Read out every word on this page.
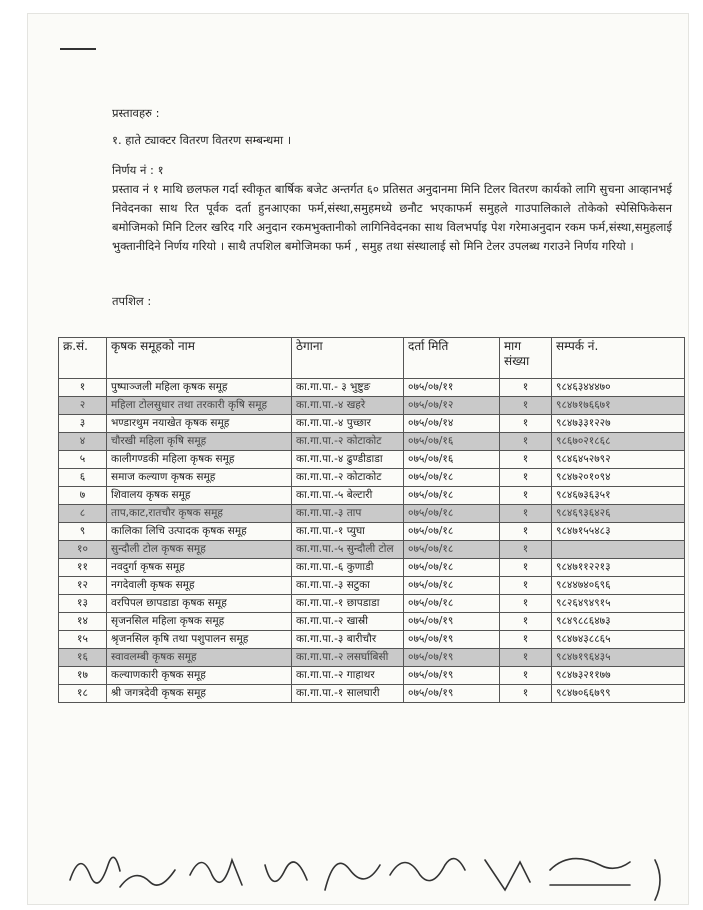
प्रस्तावहरु :
१. हाते ट्याक्टर वितरण वितरण सम्बन्धमा ।
निर्णय नं : १
प्रस्ताव नं १ माथि छलफल गर्दा स्वीकृत बार्षिक बजेट अन्तर्गत ६० प्रतिसत अनुदानमा मिनि टिलर वितरण कार्यको लागि सुचना आव्हानभई निवेदनका साथ रित पूर्वक दर्ता हुनआएका फर्म,संस्था,समुहमध्ये छनौट भएकाफर्म समुहले गाउपालिकाले तोकेको स्पेसिफिकेसन बमोजिमको मिनि टिलर खरिद गरि अनुदान रकमभुक्तानीको लागिनिवेदनका साथ विलभर्पाइ पेश गरेमाअनुदान रकम फर्म,संस्था,समुहलाई भुक्तानीदिने निर्णय गरियो । साथै तपशिल बमोजिमका फर्म , समुह तथा संस्थालाई सो मिनि टेलर उपलब्ध गराउने निर्णय गरियो ।
तपशिल :
क्र.सं.	कृषक समूहको नाम	ठेगाना	दर्ता मिति	माग संख्या	सम्पर्क नं.
१	पुष्पाञ्जली महिला कृषक समूह	का.गा.पा.- ३ भुष्टुङ	०७५/०७/११	१	९८४६३४४४७०
२	महिला टोलसुधार तथा तरकारी कृषि समूह	का.गा.पा.-४ खहरे	०७५/०७/१२	१	९८४७१७६६७१
३	भण्डारथुम नयाखेत कृषक समूह	का.गा.पा.-४ पुच्छार	०७५/०७/१४	१	९८४७३३१२२७
४	चौरखी महिला कृषि समूह	का.गा.पा.-२ कोटाकोट	०७५/०७/१६	१	९८६७०२१८६८
५	कालीगण्डकी महिला कृषक समूह	का.गा.पा.-४ ढुण्डीडाडा	०७५/०७/१६	१	९८४६४५२७९२
६	समाज कल्याण कृषक समूह	का.गा.पा.-२ कोटाकोट	०७५/०७/१८	१	९८४७२०१०९४
७	शिवालय कृषक समूह	का.गा.पा.-५ बेल्टारी	०७५/०७/१८	१	९८४६७३६३५१
८	ताप,काट,रातचौर कृषक समूह	का.गा.पा.-३ ताप	०७५/०७/१८	१	९८४६९३६४२६
९	कालिका लिचि उत्पादक कृषक समूह	का.गा.पा.-१ प्युघा	०७५/०७/१८	१	९८४७१५५४८३
१०	सुन्दौली टोल कृषक समूह	का.गा.पा.-५ सुन्दौली टोल	०७५/०७/१८	१	
११	नवदुर्गा कृषक समूह	का.गा.पा.-६ कुणाडी	०७५/०७/१८	१	९८४७११२२१३
१२	नगदेवाली कृषक समूह	का.गा.पा.-३ सटुका	०७५/०७/१८	१	९८४४७४०६९६
१३	वरपिपल छापडाडा कृषक समूह	का.गा.पा.-१ छापडाडा	०७५/०७/१८	१	९८२६४९४९१५
१४	सृजनसिल महिला कृषक समूह	का.गा.पा.-२ खास्री	०७५/०७/१९	१	९८४९८८६४७३
१५	श्रृजनसिल कृषि तथा पशुपालन समूह	का.गा.पा.-३ बारीचौर	०७५/०७/१९	१	९८४७४३८८६५
१६	स्वावलम्बी कृषक समूह	का.गा.पा.-२ लसर्घाबिसी	०७५/०७/१९	१	९८४७१९६४३५
१७	कल्याणकारी कृषक समूह	का.गा.पा.-२ गाहाथर	०७५/०७/१९	१	९८४७३२११७७
१८	श्री जगत्रदेवी कृषक समूह	का.गा.पा.-१ सालघारी	०७५/०७/१९	१	९८४७०६६७९९
